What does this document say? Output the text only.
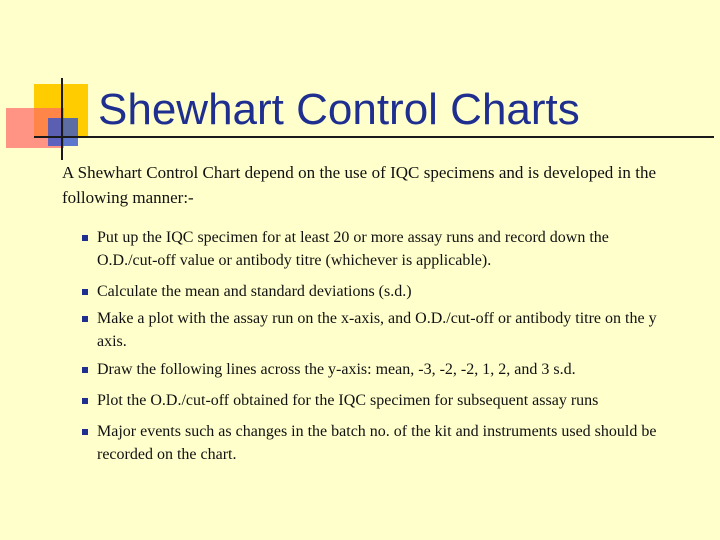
Shewhart Control Charts

A Shewhart Control Chart depend on the use of IQC specimens and is developed in the following manner:-

Put up the IQC specimen for at least 20 or more assay runs and record down the O.D./cut-off value or antibody titre (whichever is applicable).
Calculate the mean and standard deviations (s.d.)
Make a plot with the assay run on the x-axis, and O.D./cut-off or antibody titre on the y axis.
Draw the following lines across the y-axis: mean, -3, -2, -2, 1, 2, and 3 s.d.
Plot the O.D./cut-off obtained for the IQC specimen for subsequent assay runs
Major events such as changes in the batch no. of the kit and instruments used should be recorded on the chart.
